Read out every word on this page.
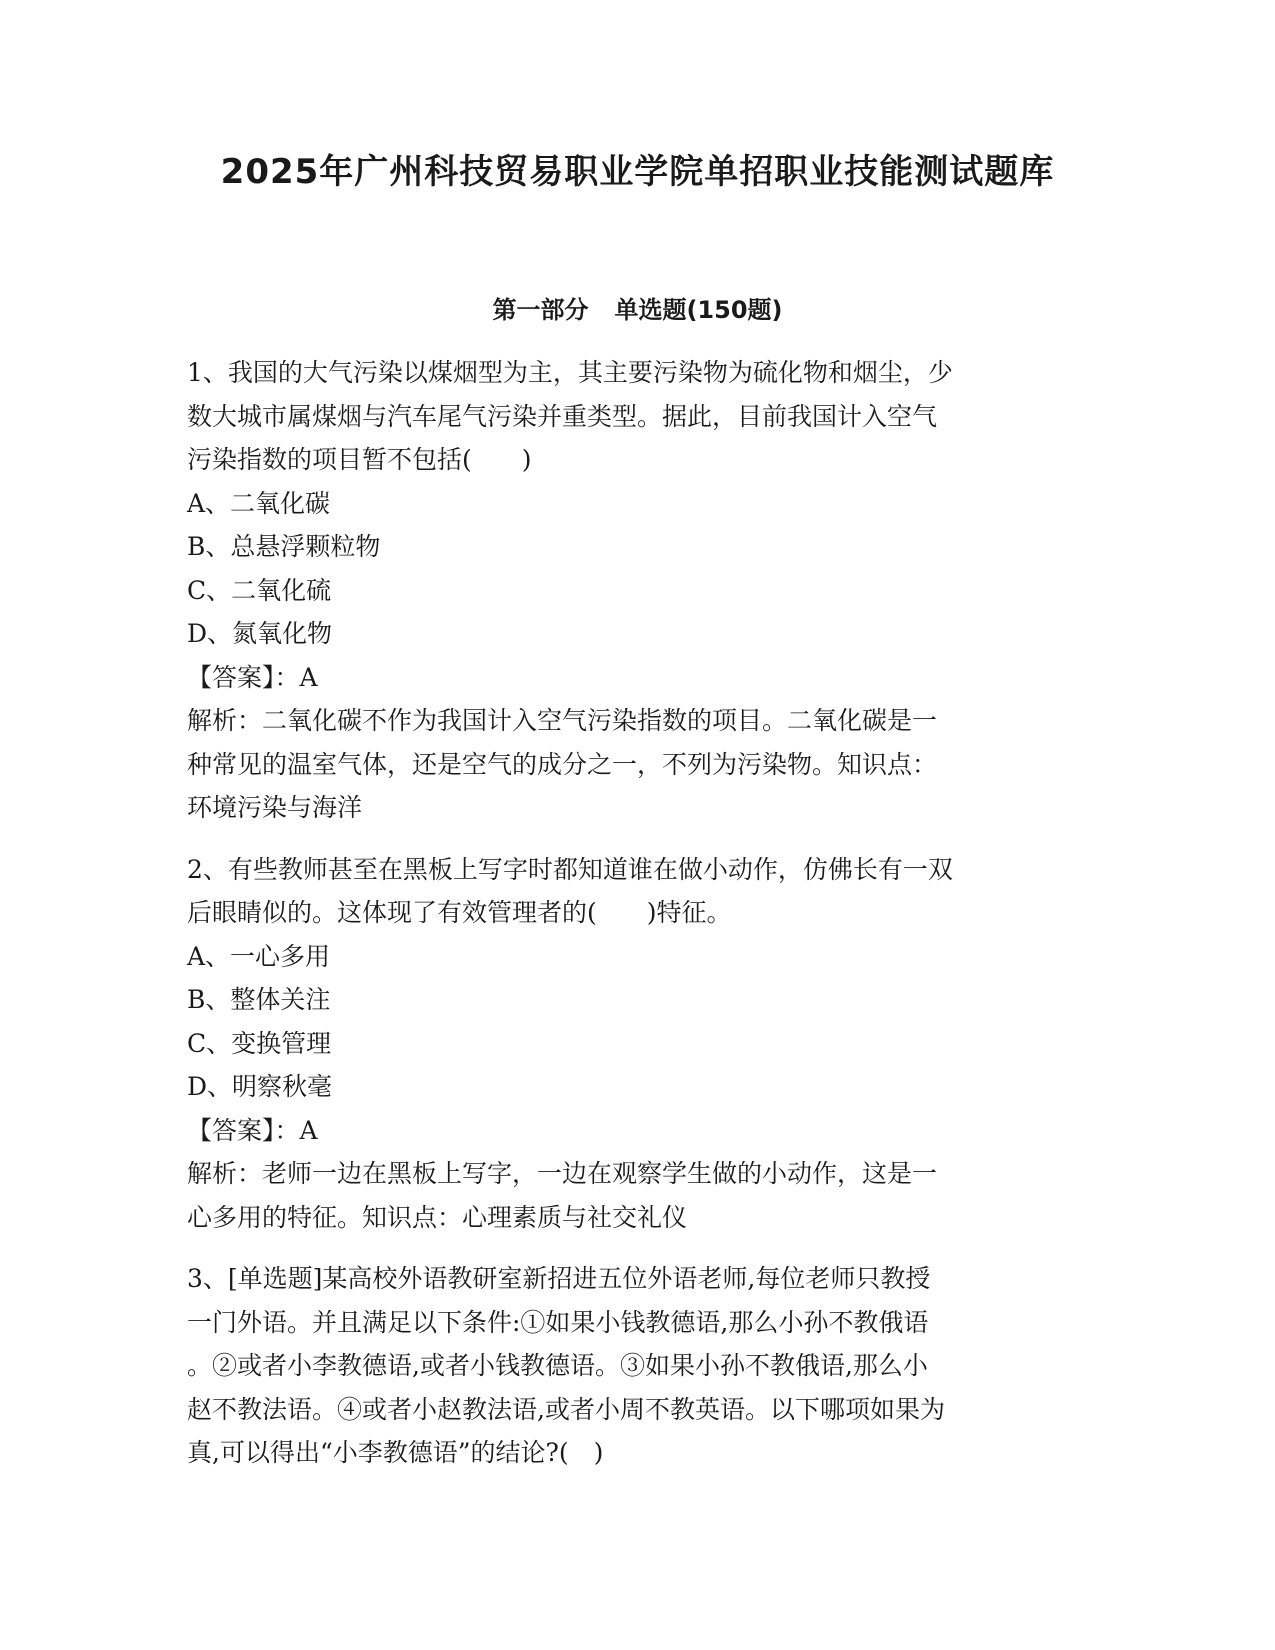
2025年广州科技贸易职业学院单招职业技能测试题库
第一部分 单选题(150题)
1、我国的大气污染以煤烟型为主，其主要污染物为硫化物和烟尘，少
数大城市属煤烟与汽车尾气污染并重类型。据此，目前我国计入空气
污染指数的项目暂不包括(　　)
A、二氧化碳
B、总悬浮颗粒物
C、二氧化硫
D、氮氧化物
【答案】：A
解析：二氧化碳不作为我国计入空气污染指数的项目。二氧化碳是一
种常见的温室气体，还是空气的成分之一，不列为污染物。知识点：
环境污染与海洋
2、有些教师甚至在黑板上写字时都知道谁在做小动作，仿佛长有一双
后眼睛似的。这体现了有效管理者的(　　)特征。
A、一心多用
B、整体关注
C、变换管理
D、明察秋毫
【答案】：A
解析：老师一边在黑板上写字，一边在观察学生做的小动作，这是一
心多用的特征。知识点：心理素质与社交礼仪
3、[单选题]某高校外语教研室新招进五位外语老师,每位老师只教授
一门外语。并且满足以下条件:①如果小钱教德语,那么小孙不教俄语
。②或者小李教德语,或者小钱教德语。③如果小孙不教俄语,那么小
赵不教法语。④或者小赵教法语,或者小周不教英语。以下哪项如果为
真,可以得出“小李教德语”的结论?(　)
